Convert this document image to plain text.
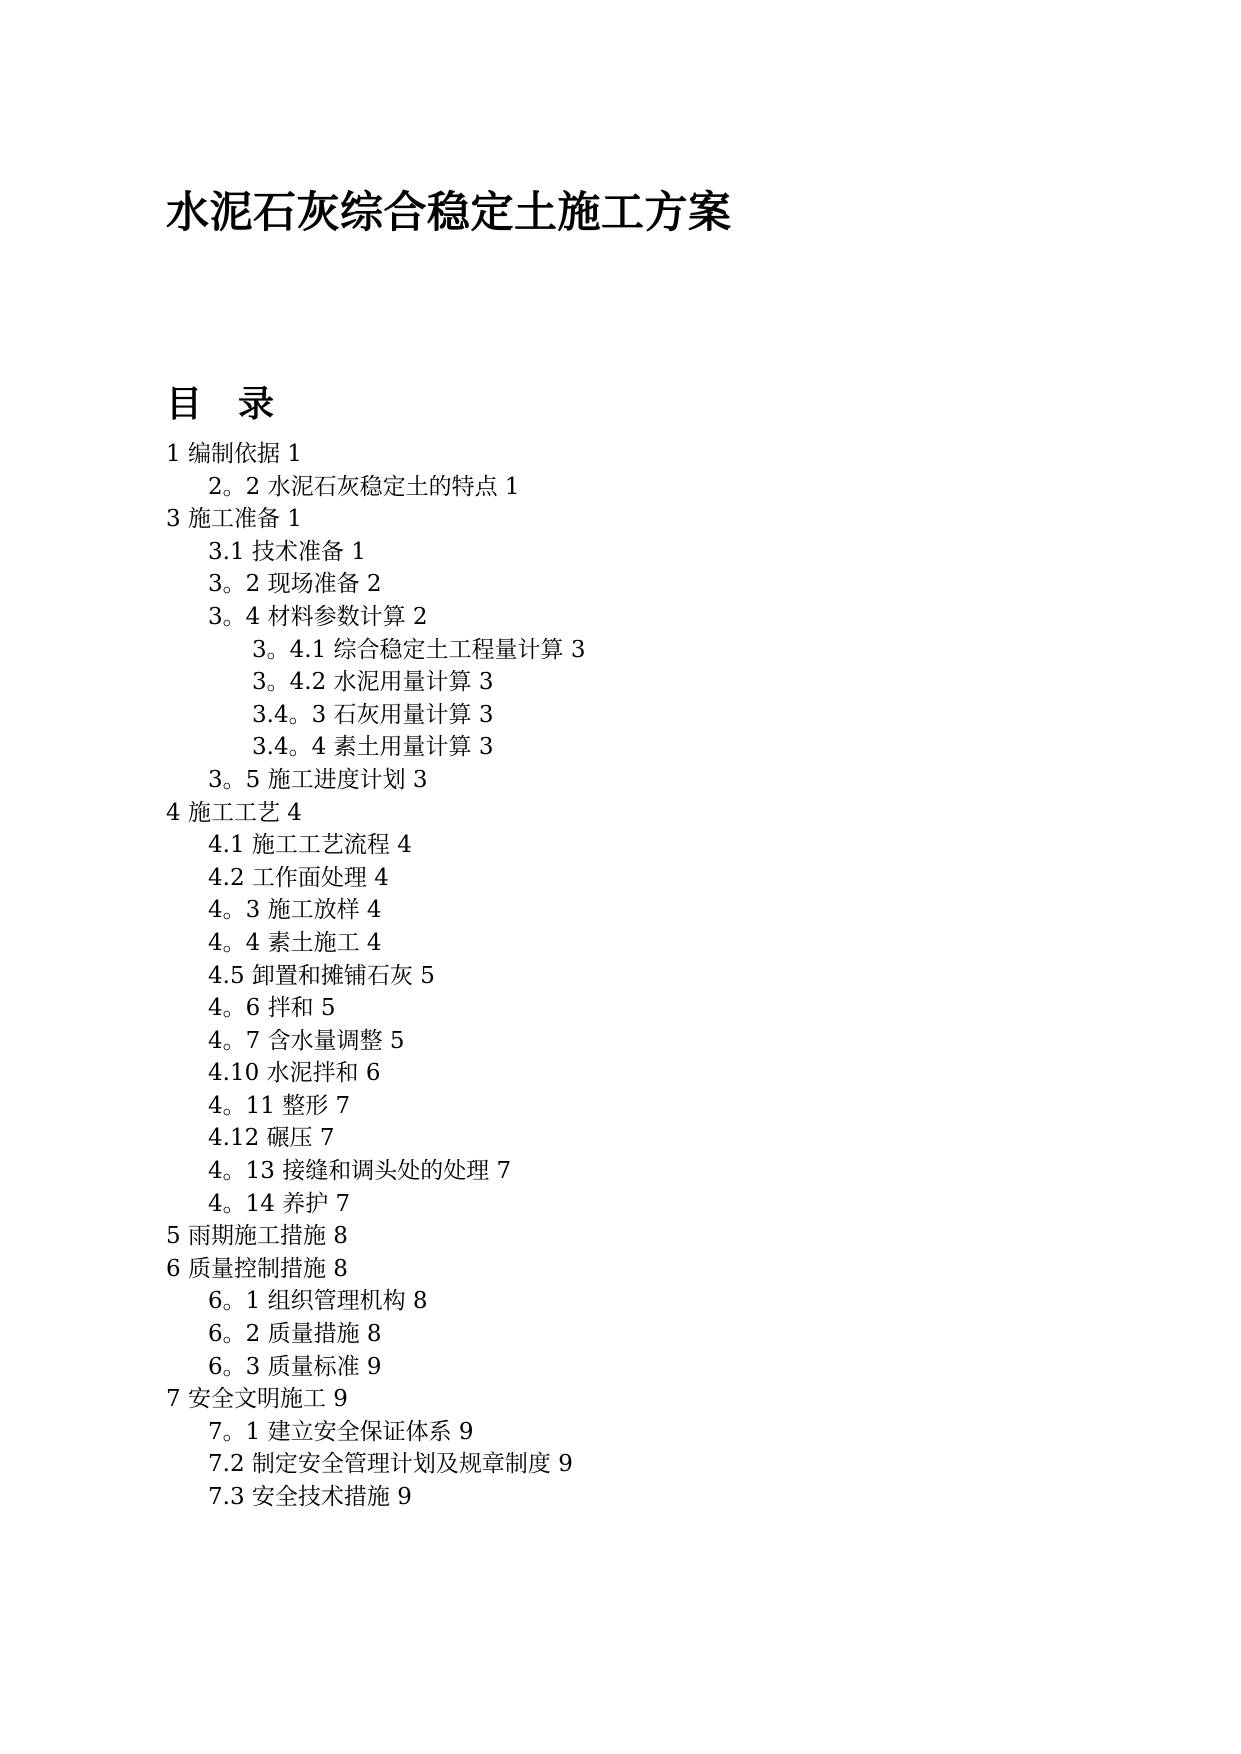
水泥石灰综合稳定土施工方案
目 录
1 编制依据 1
2。2 水泥石灰稳定土的特点 1
3 施工准备 1
3.1 技术准备 1
3。2 现场准备 2
3。4 材料参数计算 2
3。4.1 综合稳定土工程量计算 3
3。4.2 水泥用量计算 3
3.4。3 石灰用量计算 3
3.4。4 素土用量计算 3
3。5 施工进度计划 3
4 施工工艺 4
4.1 施工工艺流程 4
4.2 工作面处理 4
4。3 施工放样 4
4。4 素土施工 4
4.5 卸置和摊铺石灰 5
4。6 拌和 5
4。7 含水量调整 5
4.10 水泥拌和 6
4。11 整形 7
4.12 碾压 7
4。13 接缝和调头处的处理 7
4。14 养护 7
5 雨期施工措施 8
6 质量控制措施 8
6。1 组织管理机构 8
6。2 质量措施 8
6。3 质量标准 9
7 安全文明施工 9
7。1 建立安全保证体系 9
7.2 制定安全管理计划及规章制度 9
7.3 安全技术措施 9
